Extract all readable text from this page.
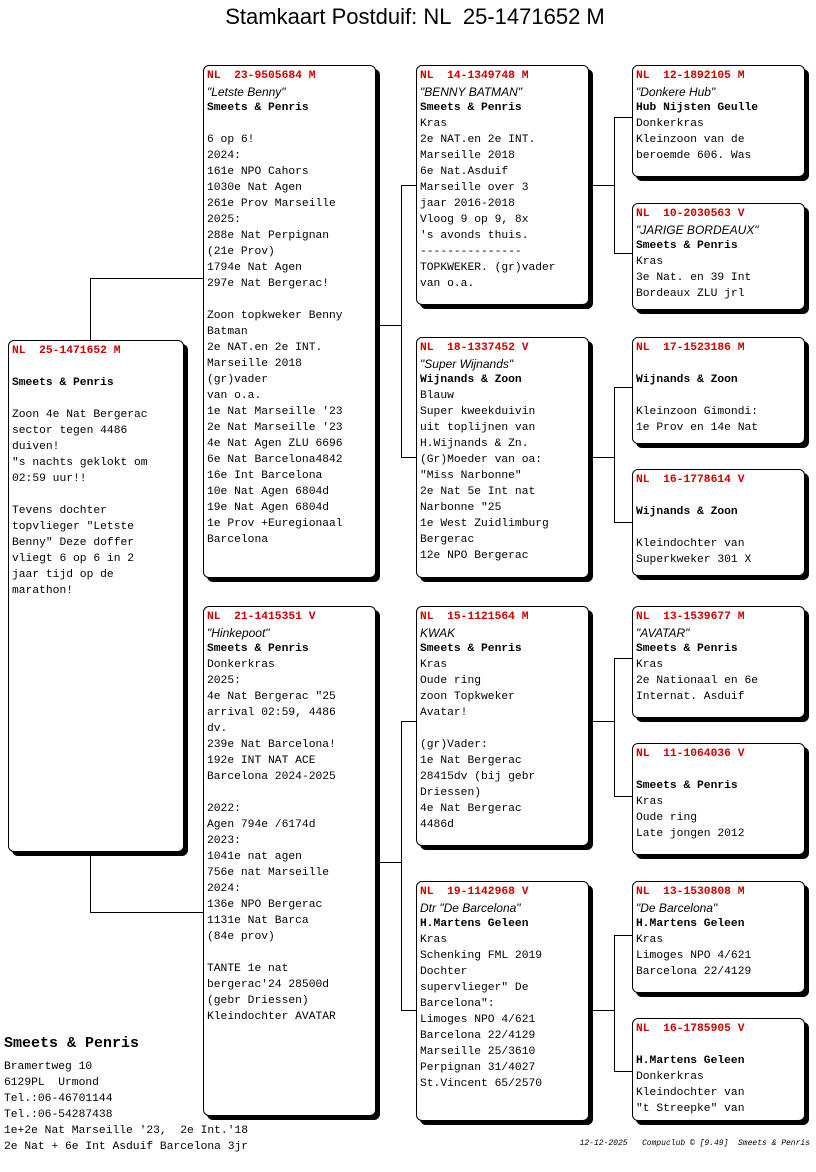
Stamkaart Postduif: NL  25-1471652 M
NL  25-1471652 M
Smeets & Penris

Zoon 4e Nat Bergerac
sector tegen 4486
duiven!
"s nachts geklokt om
02:59 uur!!

Tevens dochter
topvlieger "Letste
Benny" Deze doffer
vliegt 6 op 6 in 2
jaar tijd op de
marathon!
NL  23-9505684 M
"Letste Benny"
Smeets & Penris

6 op 6!
2024:
161e NPO Cahors
1030e Nat Agen
261e Prov Marseille
2025:
288e Nat Perpignan
(21e Prov)
1794e Nat Agen
297e Nat Bergerac!

Zoon topkweker Benny
Batman
2e NAT.en 2e INT.
Marseille 2018
(gr)vader
van o.a.
1e Nat Marseille '23
2e Nat Marseille '23
4e Nat Agen ZLU 6696
6e Nat Barcelona4842
16e Int Barcelona
10e Nat Agen 6804d
19e Nat Agen 6804d
1e Prov +Euregionaal
Barcelona
NL  21-1415351 V
"Hinkepoot"
Smeets & Penris
Donkerkras
2025:
4e Nat Bergerac "25
arrival 02:59, 4486
dv.
239e Nat Barcelona!
192e INT NAT ACE
Barcelona 2024-2025

2022:
Agen 794e /6174d
2023:
1041e nat agen
756e nat Marseille
2024:
136e NPO Bergerac
1131e Nat Barca
(84e prov)

TANTE 1e nat
bergerac'24 28500d
(gebr Driessen)
Kleindochter AVATAR
NL  14-1349748 M
"BENNY BATMAN"
Smeets & Penris
Kras
2e NAT.en 2e INT.
Marseille 2018
6e Nat.Asduif
Marseille over 3
jaar 2016-2018
Vloog 9 op 9, 8x
's avonds thuis.
---------------
TOPKWEKER. (gr)vader
van o.a.
NL  18-1337452 V
"Super Wijnands"
Wijnands & Zoon
Blauw
Super kweekduivin
uit toplijnen van
H.Wijnands & Zn.
(Gr)Moeder van oa:
"Miss Narbonne"
2e Nat 5e Int nat
Narbonne "25
1e West Zuidlimburg
Bergerac
12e NPO Bergerac
NL  15-1121564 M
KWAK
Smeets & Penris
Kras
Oude ring
zoon Topkweker
Avatar!

(gr)Vader:
1e Nat Bergerac
28415dv (bij gebr
Driessen)
4e Nat Bergerac
4486d
NL  19-1142968 V
Dtr "De Barcelona"
H.Martens Geleen
Kras
Schenking FML 2019
Dochter
supervlieger" De
Barcelona":
Limoges NPO 4/621
Barcelona 22/4129
Marseille 25/3610
Perpignan 31/4027
St.Vincent 65/2570
NL  12-1892105 M
"Donkere Hub"
Hub Nijsten Geulle
Donkerkras
Kleinzoon van de
beroemde 606. Was
NL  10-2030563 V
"JARIGE BORDEAUX"
Smeets & Penris
Kras
3e Nat. en 39 Int
Bordeaux ZLU jrl
NL  17-1523186 M
Wijnands & Zoon

Kleinzoon Gimondi:
1e Prov en 14e Nat
NL  16-1778614 V
Wijnands & Zoon

Kleindochter van
Superkweker 301 X
NL  13-1539677 M
"AVATAR"
Smeets & Penris
Kras
2e Nationaal en 6e
Internat. Asduif
NL  11-1064036 V
Smeets & Penris
Kras
Oude ring
Late jongen 2012
NL  13-1530808 M
"De Barcelona"
H.Martens Geleen
Kras
Limoges NPO 4/621
Barcelona 22/4129
NL  16-1785905 V
H.Martens Geleen
Donkerkras
Kleindochter van
"t Streepke" van
Smeets & Penris
Bramertweg 10
6129PL  Urmond
Tel.:06-46701144
Tel.:06-54287438
1e+2e Nat Marseille '23,  2e Int.'18
2e Nat + 6e Int Asduif Barcelona 3jr	12-12-2025   Compuclub © [9.49]  Smeets & Penris
